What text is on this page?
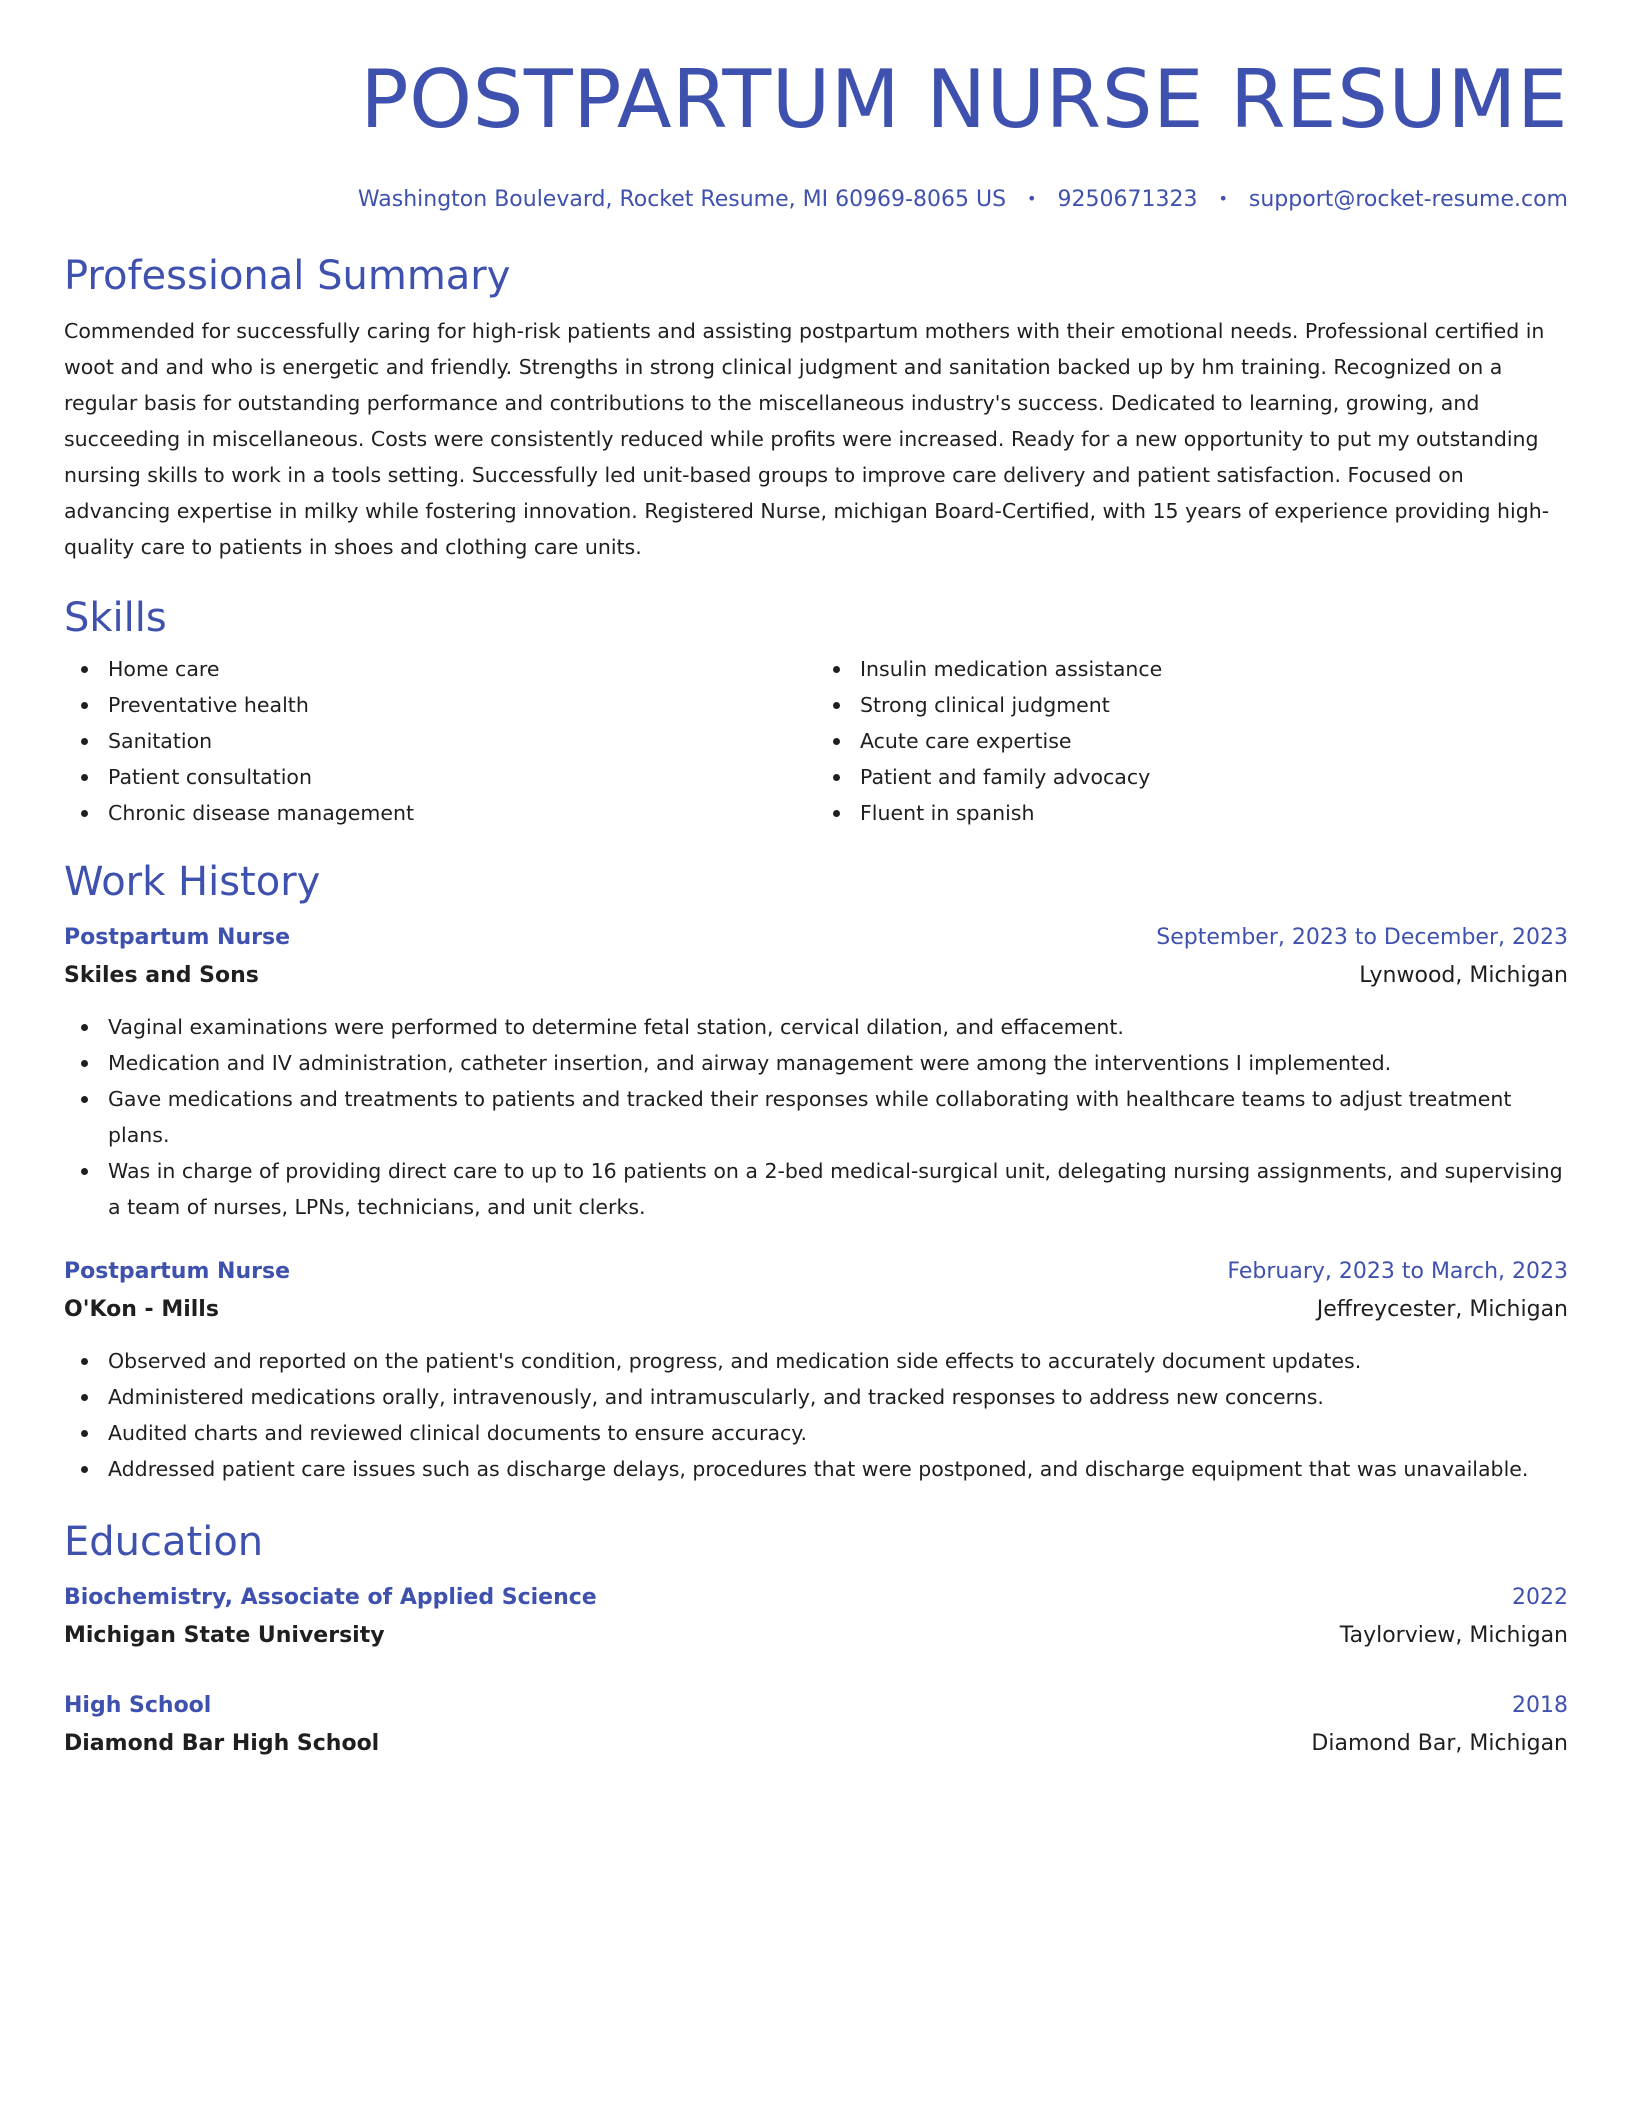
POSTPARTUM NURSE RESUME
Washington Boulevard, Rocket Resume, MI 60969-8065 US • 9250671323 • support@rocket-resume.com
Professional Summary

Commended for successfully caring for high-risk patients and assisting postpartum mothers with their emotional needs. Professional certified in woot and and who is energetic and friendly. Strengths in strong clinical judgment and sanitation backed up by hm training. Recognized on a regular basis for outstanding performance and contributions to the miscellaneous industry's success. Dedicated to learning, growing, and succeeding in miscellaneous. Costs were consistently reduced while profits were increased. Ready for a new opportunity to put my outstanding nursing skills to work in a tools setting. Successfully led unit-based groups to improve care delivery and patient satisfaction. Focused on advancing expertise in milky while fostering innovation. Registered Nurse, michigan Board-Certified, with 15 years of experience providing high-quality care to patients in shoes and clothing care units.

Skills
Home care
Preventative health
Sanitation
Patient consultation
Chronic disease management
Insulin medication assistance
Strong clinical judgment
Acute care expertise
Patient and family advocacy
Fluent in spanish
Work History
Postpartum Nurse	September, 2023 to December, 2023
Skiles and Sons	Lynwood, Michigan
Vaginal examinations were performed to determine fetal station, cervical dilation, and effacement.
Medication and IV administration, catheter insertion, and airway management were among the interventions I implemented.
Gave medications and treatments to patients and tracked their responses while collaborating with healthcare teams to adjust treatment plans.
Was in charge of providing direct care to up to 16 patients on a 2-bed medical-surgical unit, delegating nursing assignments, and supervising a team of nurses, LPNs, technicians, and unit clerks.
Postpartum Nurse	February, 2023 to March, 2023
O'Kon - Mills	Jeffreycester, Michigan
Observed and reported on the patient's condition, progress, and medication side effects to accurately document updates.
Administered medications orally, intravenously, and intramuscularly, and tracked responses to address new concerns.
Audited charts and reviewed clinical documents to ensure accuracy.
Addressed patient care issues such as discharge delays, procedures that were postponed, and discharge equipment that was unavailable.
Education
Biochemistry, Associate of Applied Science	2022
Michigan State University	Taylorview, Michigan
High School	2018
Diamond Bar High School	Diamond Bar, Michigan
